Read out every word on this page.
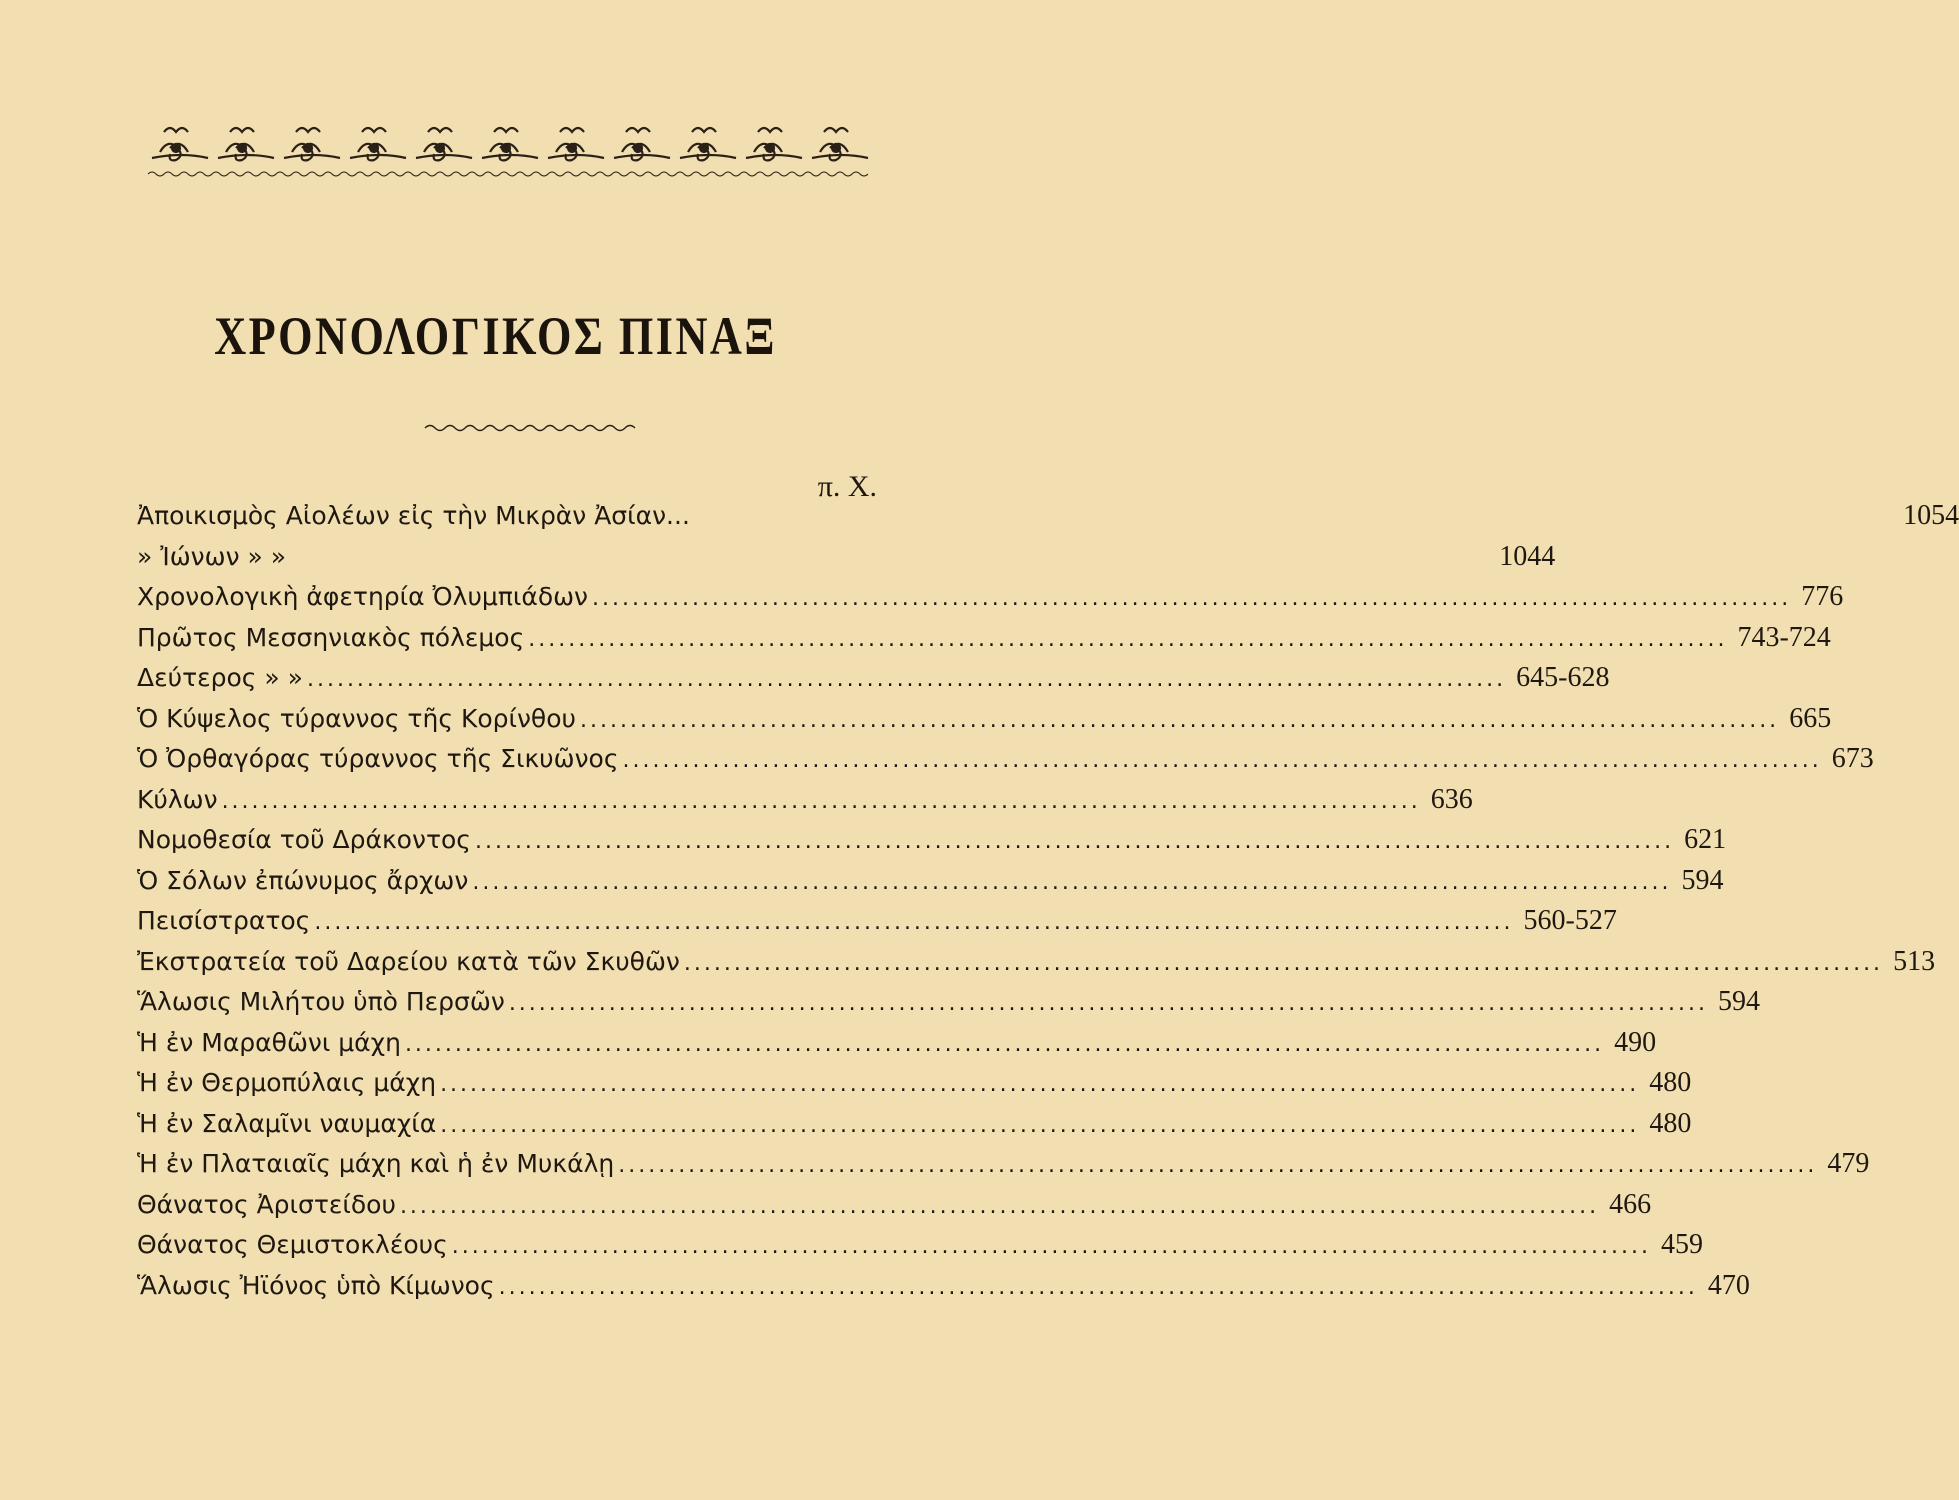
ΧΡΟΝΟΛΟΓΙΚΟΣ ΠΙΝΑΞ
π. Χ.
Ἀποικισμὸς Αἰολέων εἰς τὴν Μικρὰν Ἀσίαν...	1054
» Ἰώνων » »	1044
Χρονολογικὴ ἀφετηρία Ὀλυμπιάδων ........................................................................................................................ 776
Πρῶτος Μεσσηνιακὸς πόλεμος ........................................................................................................................ 743-724
Δεύτερος » » ........................................................................................................................ 645-628
Ὁ Κύψελος τύραννος τῆς Κορίνθου ........................................................................................................................ 665
Ὁ Ὀρθαγόρας τύραννος τῆς Σικυῶνος ........................................................................................................................ 673
Κύλων ........................................................................................................................ 636
Νομοθεσία τοῦ Δράκοντος ........................................................................................................................ 621
Ὁ Σόλων ἐπώνυμος ἄρχων ........................................................................................................................ 594
Πεισίστρατος ........................................................................................................................ 560-527
Ἐκστρατεία τοῦ Δαρείου κατὰ τῶν Σκυθῶν ........................................................................................................................ 513
Ἅλωσις Μιλήτου ὑπὸ Περσῶν ........................................................................................................................ 594
Ἡ ἐν Μαραθῶνι μάχη ........................................................................................................................ 490
Ἡ ἐν Θερμοπύλαις μάχη ........................................................................................................................ 480
Ἡ ἐν Σαλαμῖνι ναυμαχία ........................................................................................................................ 480
Ἡ ἐν Πλαταιαῖς μάχη καὶ ἡ ἐν Μυκάλῃ ........................................................................................................................ 479
Θάνατος Ἀριστείδου ........................................................................................................................ 466
Θάνατος Θεμιστοκλέους ........................................................................................................................ 459
Ἅλωσις Ἠϊόνος ὑπὸ Κίμωνος ........................................................................................................................ 470
